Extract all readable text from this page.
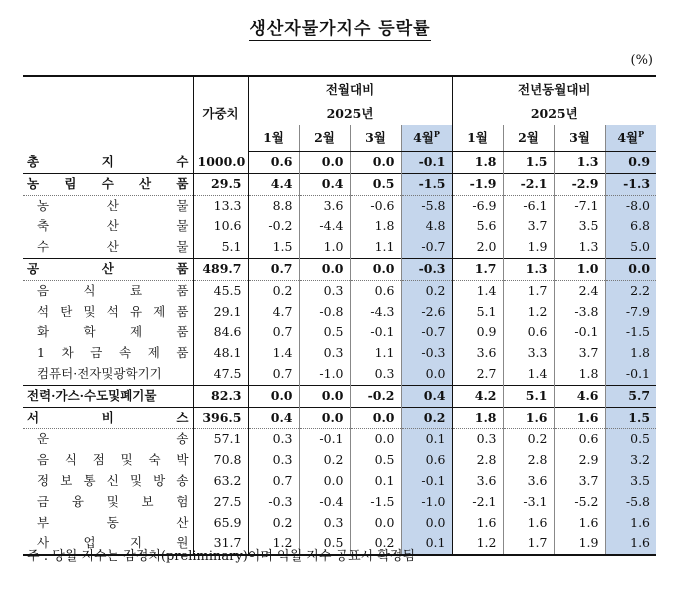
생산자물가지수 등락률
(%)
	가중치	전월대비				전년동월대비			
		2025년				2025년			
		1월	2월	3월	4월$^P$	1월	2월	3월	4월$^P$

총 지 수	1000.0	0.6	0.0	0.0	-0.1	1.8	1.5	1.3	0.9

농 림 수 산 품	29.5	4.4	0.4	0.5	-1.5	-1.9	-2.1	-2.9	-1.3

농 산 물	13.3	8.8	3.6	-0.6	-5.8	-6.9	-6.1	-7.1	-8.0

축 산 물	10.6	-0.2	-4.4	1.8	4.8	5.6	3.7	3.5	6.8

수 산 물	5.1	1.5	1.0	1.1	-0.7	2.0	1.9	1.3	5.0

공 산 품	489.7	0.7	0.0	0.0	-0.3	1.7	1.3	1.0	0.0

음 식 료 품	45.5	0.2	0.3	0.6	0.2	1.4	1.7	2.4	2.2

석 탄 및 석 유 제 품	29.1	4.7	-0.8	-4.3	-2.6	5.1	1.2	-3.8	-7.9

화 학 제 품	84.6	0.7	0.5	-0.1	-0.7	0.9	0.6	-0.1	-1.5

1 차 금 속 제 품	48.1	1.4	0.3	1.1	-0.3	3.6	3.3	3.7	1.8

컴퓨터·전자및광학기기	47.5	0.7	-1.0	0.3	0.0	2.7	1.4	1.8	-0.1

전력·가스·수도및폐기물	82.3	0.0	0.0	-0.2	0.4	4.2	5.1	4.6	5.7

서 비 스	396.5	0.4	0.0	0.0	0.2	1.8	1.6	1.6	1.5

운 송	57.1	0.3	-0.1	0.0	0.1	0.3	0.2	0.6	0.5

음 식 점 및 숙 박	70.8	0.3	0.2	0.5	0.6	2.8	2.8	2.9	3.2

정 보 통 신 및 방 송	63.2	0.7	0.0	0.1	-0.1	3.6	3.6	3.7	3.5

금 융 및 보 험	27.5	-0.3	-0.4	-1.5	-1.0	-2.1	-3.1	-5.2	-5.8

부 동 산	65.9	0.2	0.3	0.0	0.0	1.6	1.6	1.6	1.6

사 업 지 원	31.7	1.2	0.5	0.2	0.1	1.2	1.7	1.9	1.6
주 : 당월 지수는 잠정치(preliminary)이며 익월 지수 공표시 확정됨
